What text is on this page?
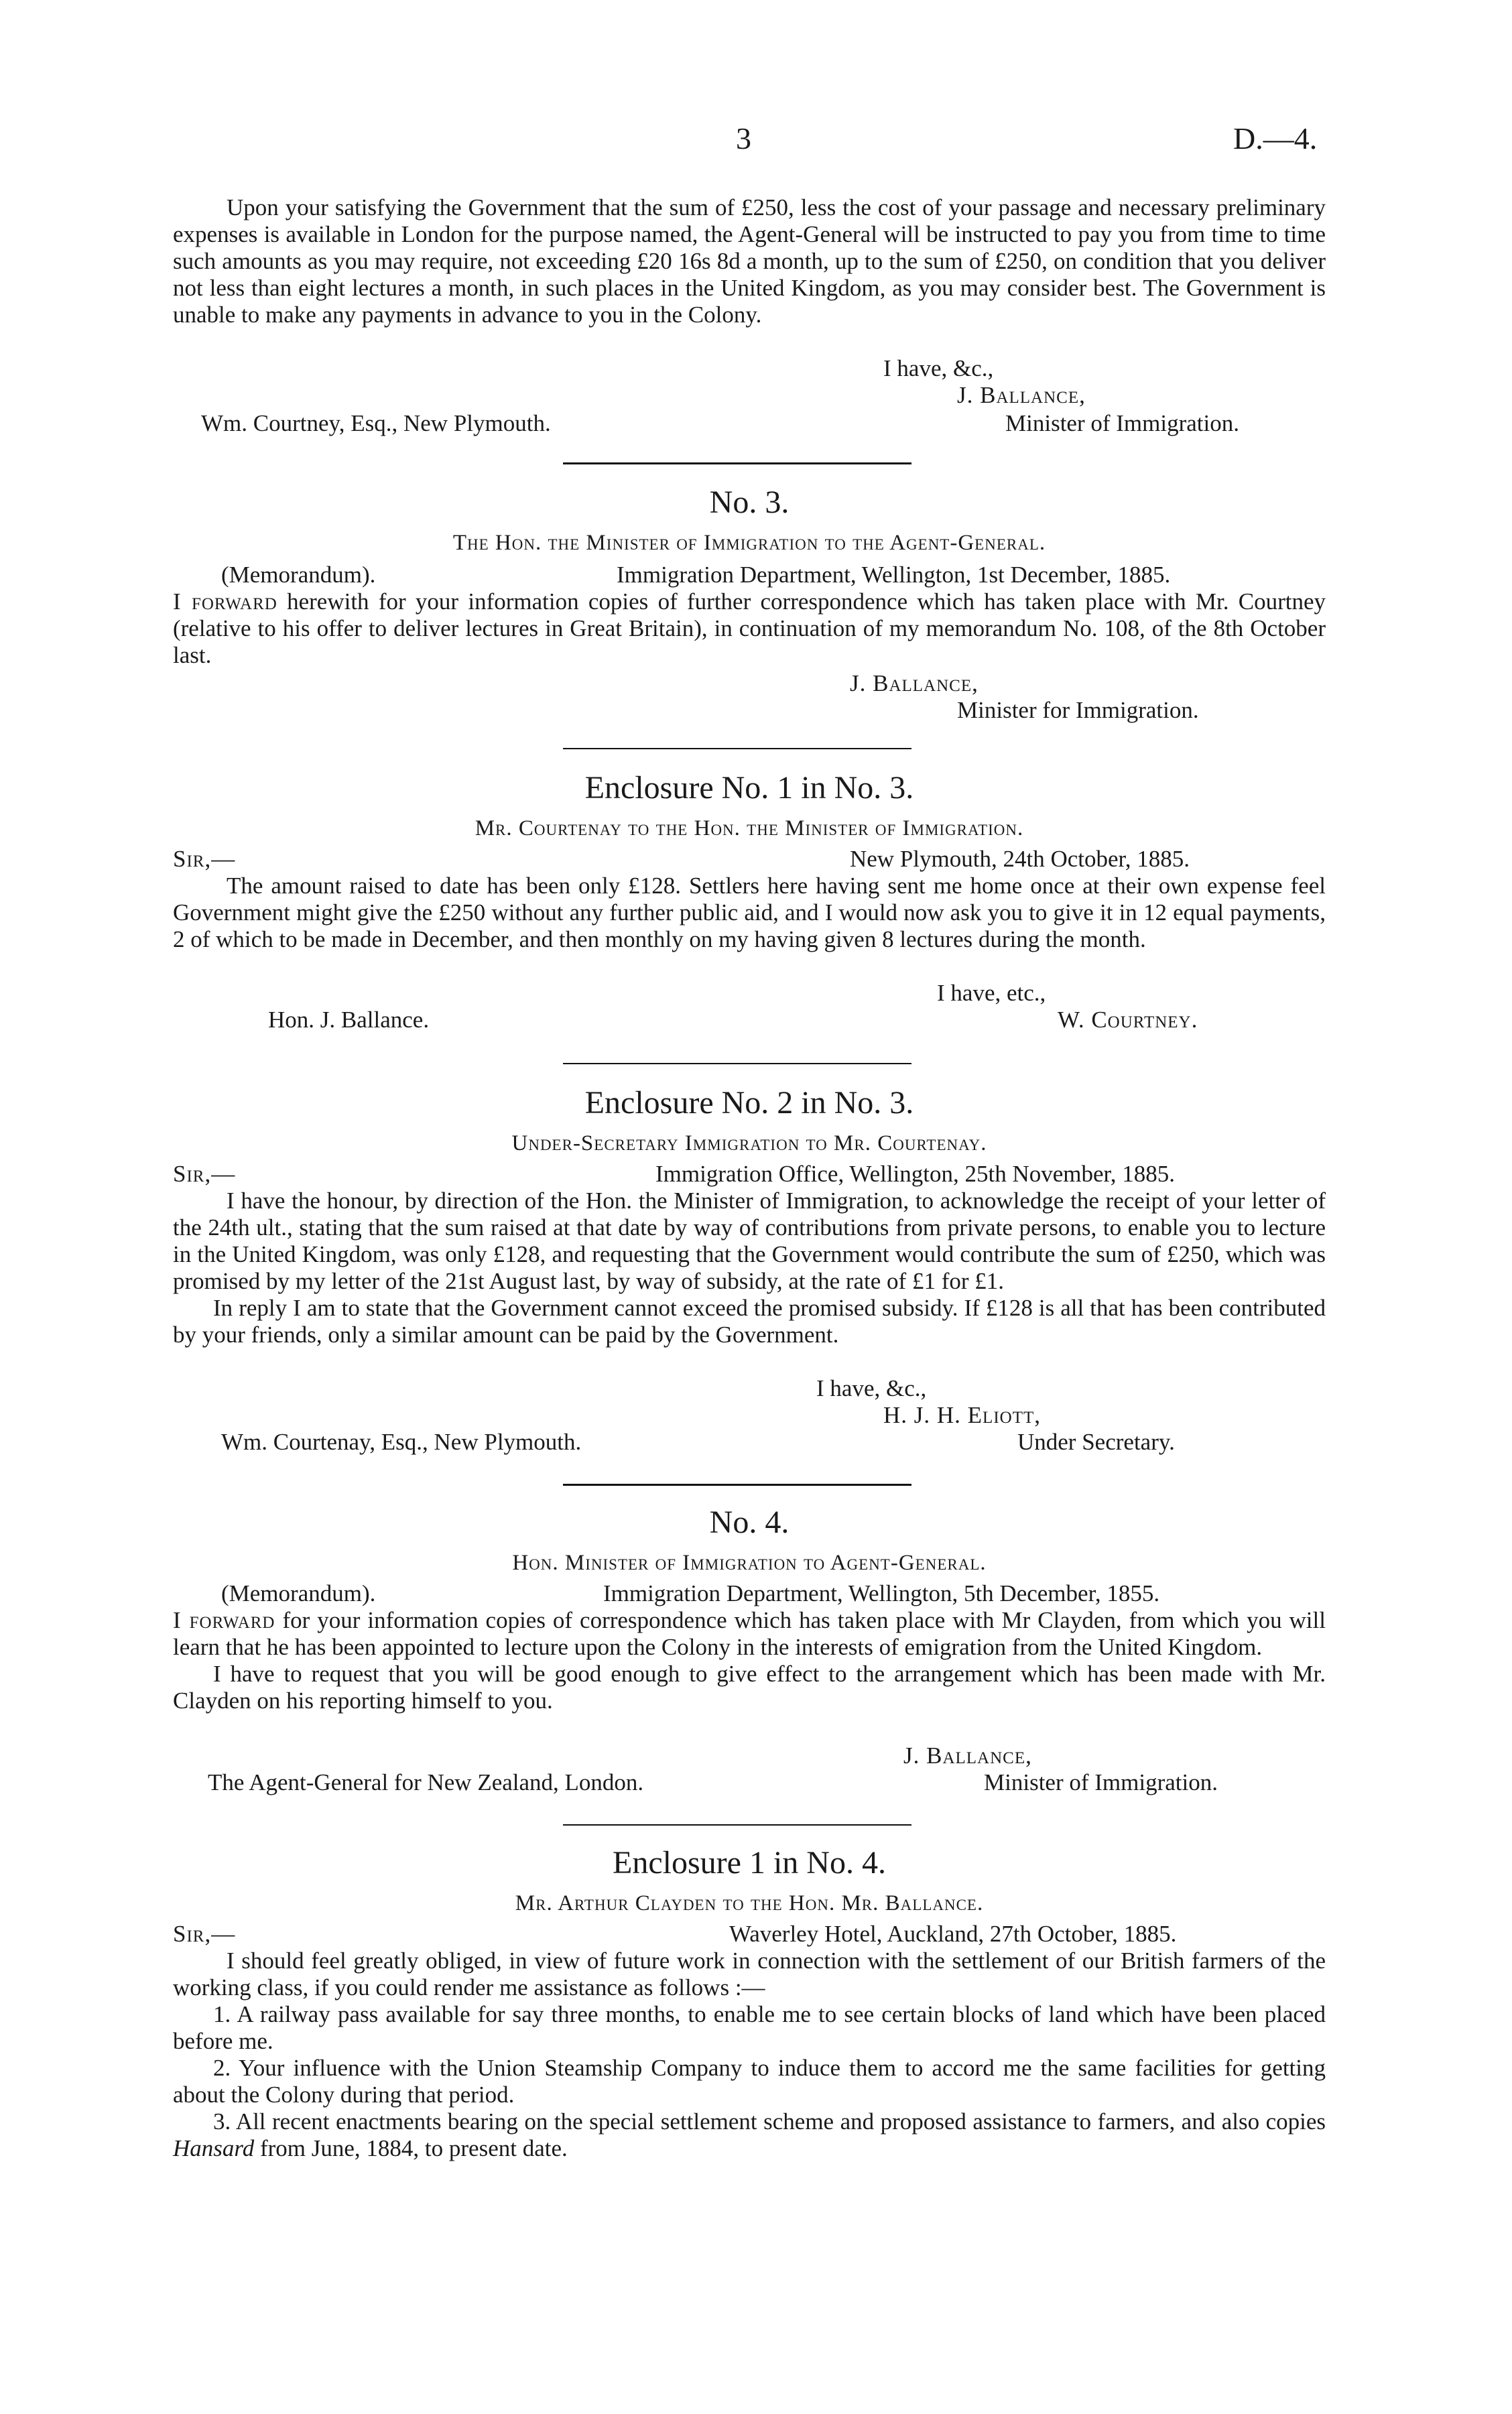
3	D.—4.

Upon your satisfying the Government that the sum of £250, less the cost of your passage and necessary preliminary expenses is available in London for the purpose named, the Agent-General will be instructed to pay you from time to time such amounts as you may require, not exceeding £20 16s 8d a month, up to the sum of £250, on condition that you deliver not less than eight lectures a month, in such places in the United Kingdom, as you may consider best. The Government is unable to make any payments in advance to you in the Colony.

I have, &c.,
J. Ballance,
Wm. Courtney, Esq., New Plymouth.	Minister of Immigration.
No. 3.
The Hon. the Minister of Immigration to the Agent-General.
(Memorandum).	Immigration Department, Wellington, 1st December, 1885.

I forward herewith for your information copies of further correspondence which has taken place with Mr. Courtney (relative to his offer to deliver lectures in Great Britain), in continuation of my memorandum No. 108, of the 8th October last.

J. Ballance,
Minister for Immigration.
Enclosure No. 1 in No. 3.
Mr. Courtenay to the Hon. the Minister of Immigration.
Sir,—	New Plymouth, 24th October, 1885.

The amount raised to date has been only £128. Settlers here having sent me home once at their own expense feel Government might give the £250 without any further public aid, and I would now ask you to give it in 12 equal payments, 2 of which to be made in December, and then monthly on my having given 8 lectures during the month.

I have, etc.,
Hon. J. Ballance.	W. Courtney.
Enclosure No. 2 in No. 3.
Under-Secretary Immigration to Mr. Courtenay.
Sir,—	Immigration Office, Wellington, 25th November, 1885.

I have the honour, by direction of the Hon. the Minister of Immigration, to acknowledge the receipt of your letter of the 24th ult., stating that the sum raised at that date by way of contributions from private persons, to enable you to lecture in the United Kingdom, was only £128, and requesting that the Government would contribute the sum of £250, which was promised by my letter of the 21st August last, by way of subsidy, at the rate of £1 for £1.

In reply I am to state that the Government cannot exceed the promised subsidy. If £128 is all that has been contributed by your friends, only a similar amount can be paid by the Government.

I have, &c.,
H. J. H. Eliott,
Wm. Courtenay, Esq., New Plymouth.	Under Secretary.
No. 4.
Hon. Minister of Immigration to Agent-General.
(Memorandum).	Immigration Department, Wellington, 5th December, 1855.

I forward for your information copies of correspondence which has taken place with Mr Clayden, from which you will learn that he has been appointed to lecture upon the Colony in the interests of emigration from the United Kingdom.

I have to request that you will be good enough to give effect to the arrangement which has been made with Mr. Clayden on his reporting himself to you.

J. Ballance,
The Agent-General for New Zealand, London.	Minister of Immigration.
Enclosure 1 in No. 4.
Mr. Arthur Clayden to the Hon. Mr. Ballance.
Sir,—	Waverley Hotel, Auckland, 27th October, 1885.

I should feel greatly obliged, in view of future work in connection with the settlement of our British farmers of the working class, if you could render me assistance as follows :—

1. A railway pass available for say three months, to enable me to see certain blocks of land which have been placed before me.

2. Your influence with the Union Steamship Company to induce them to accord me the same facilities for getting about the Colony during that period.

3. All recent enactments bearing on the special settlement scheme and proposed assistance to farmers, and also copies Hansard from June, 1884, to present date.
